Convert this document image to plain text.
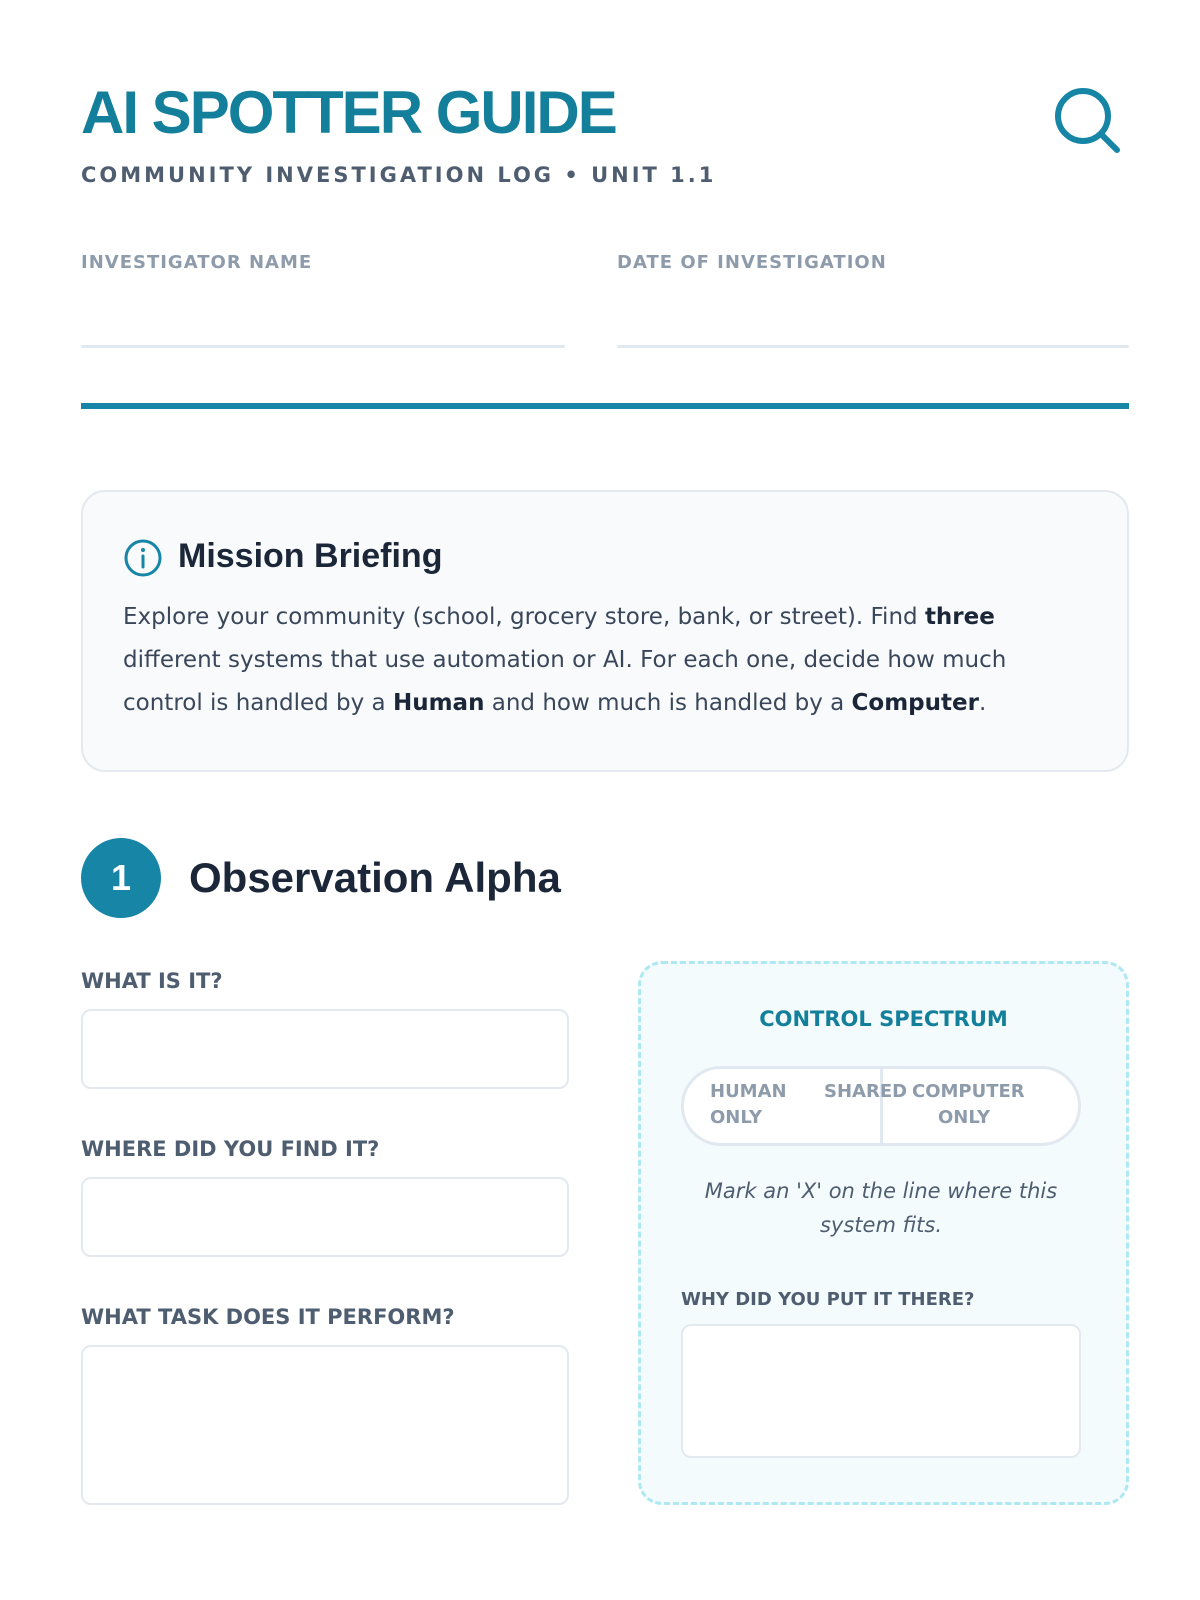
AI SPOTTER GUIDE
COMMUNITY INVESTIGATION LOG • UNIT 1.1
INVESTIGATOR NAME	DATE OF INVESTIGATION
Mission Briefing
Explore your community (school, grocery store, bank, or street). Find three different systems that use automation or AI. For each one, decide how much control is handled by a Human and how much is handled by a Computer.
1	Observation Alpha
WHAT IS IT?
WHERE DID YOU FIND IT?
WHAT TASK DOES IT PERFORM?
CONTROL SPECTRUM
HUMAN
ONLY
SHARED COMPUTER
ONLY
Mark an 'X' on the line where this system fits.
WHY DID YOU PUT IT THERE?
